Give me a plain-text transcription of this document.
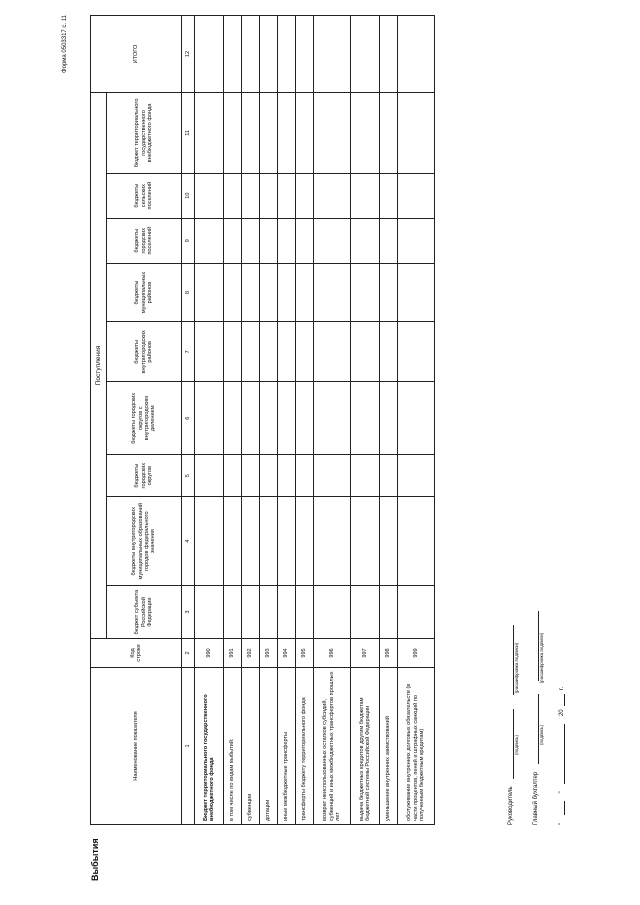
Форма 0503317 с. 11
Выбытия
Наименование показателя	Код строки	Поступления									ИТОГО
		бюджет субъекта Российской Федерации	бюджеты внутригородских муниципальных образований городов федерального значения	бюджеты городских округов	бюджеты городских округов с внутригородским делением	бюджеты внутригородских районов	бюджеты муниципальных районов	бюджеты городских поселений	бюджеты сельских поселений	бюджет территориального государственного внебюджетного фонда	
1	2	3	4	5	6	7	8	9	10	11	12
Бюджет территориального государственного внебюджетного фонда	990										
в том числе по видам выбытий:	991										
субвенции	992										
дотации	993										
иные межбюджетные трансферты	994										
трансферты бюджету территориального фонда	995										
возврат неиспользованных остатков субсидий, субвенций и иных межбюджетных трансфертов прошлых лет	996										
выдача бюджетных кредитов другим бюджетам бюджетной системы Российской Федерации	997										
уменьшение внутренних заимствований	998										
обслуживание внутренних долговых обязательств (в части процентов, пеней и штрафных санкций по полученным бюджетным кредитам)	999										
Руководитель
(подпись) (расшифровка подписи)
Главный бухгалтер
(подпись) (расшифровка подписи)
"  "  20  г.
